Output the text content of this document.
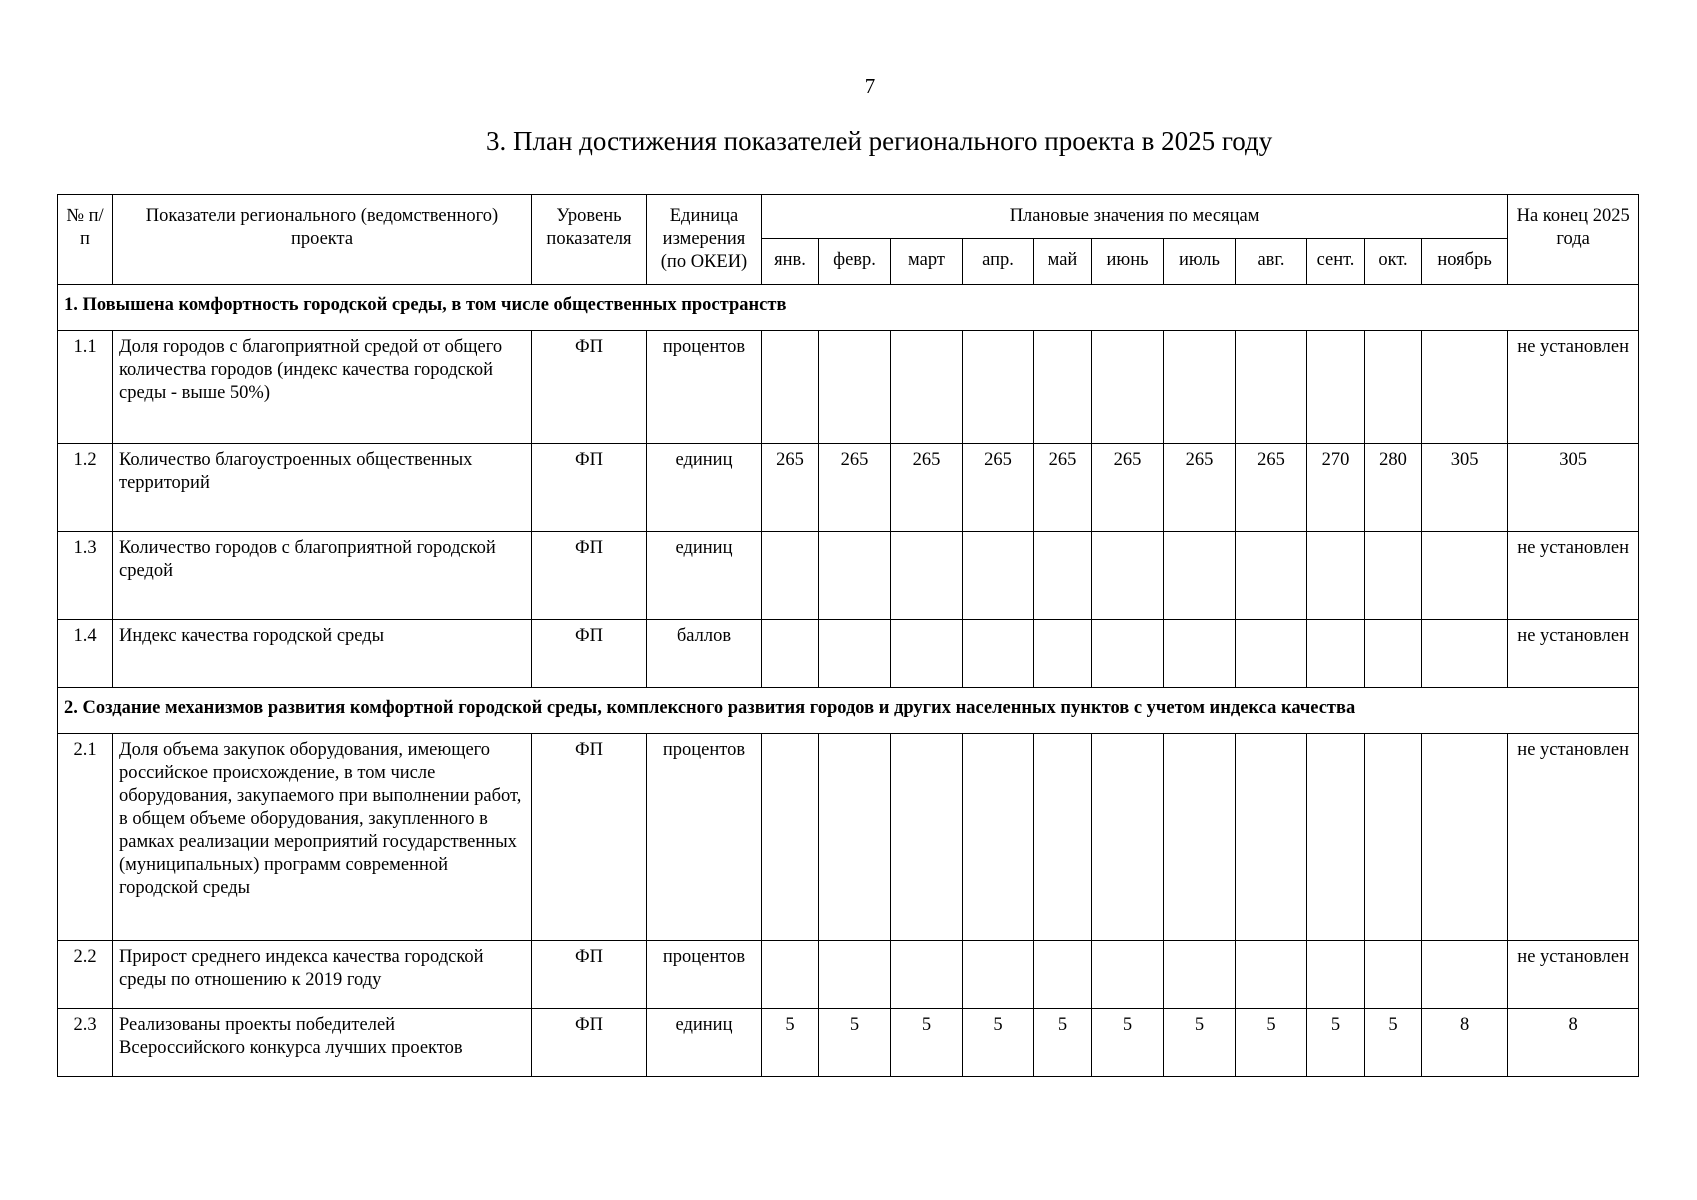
7
3. План достижения показателей регионального проекта в 2025 году
№ п/п	Показатели регионального (ведомственного) проекта	Уровень показателя	Единица измерения (по ОКЕИ)	Плановые значения по месяцам											На конец 2025 года
				янв.	февр.	март	апр.	май	июнь	июль	авг.	сент.	окт.	ноябрь	
1. Повышена комфортность городской среды, в том числе общественных пространств															
1.1	Доля городов с благоприятной средой от общего количества городов (индекс качества городской среды - выше 50%)	ФП	процентов												не установлен
1.2	Количество благоустроенных общественных территорий	ФП	единиц	265	265	265	265	265	265	265	265	270	280	305	305
1.3	Количество городов с благоприятной городской средой	ФП	единиц												не установлен
1.4	Индекс качества городской среды	ФП	баллов												не установлен
2. Создание механизмов развития комфортной городской среды, комплексного развития городов и других населенных пунктов с учетом индекса качества															
2.1	Доля объема закупок оборудования, имеющего российское происхождение, в том числе оборудования, закупаемого при выполнении работ, в общем объеме оборудования, закупленного в рамках реализации мероприятий государственных (муниципальных) программ современной городской среды	ФП	процентов												не установлен
2.2	Прирост среднего индекса качества городской среды по отношению к 2019 году	ФП	процентов												не установлен
2.3	Реализованы проекты победителей Всероссийского конкурса лучших проектов	ФП	единиц	5	5	5	5	5	5	5	5	5	5	8	8
